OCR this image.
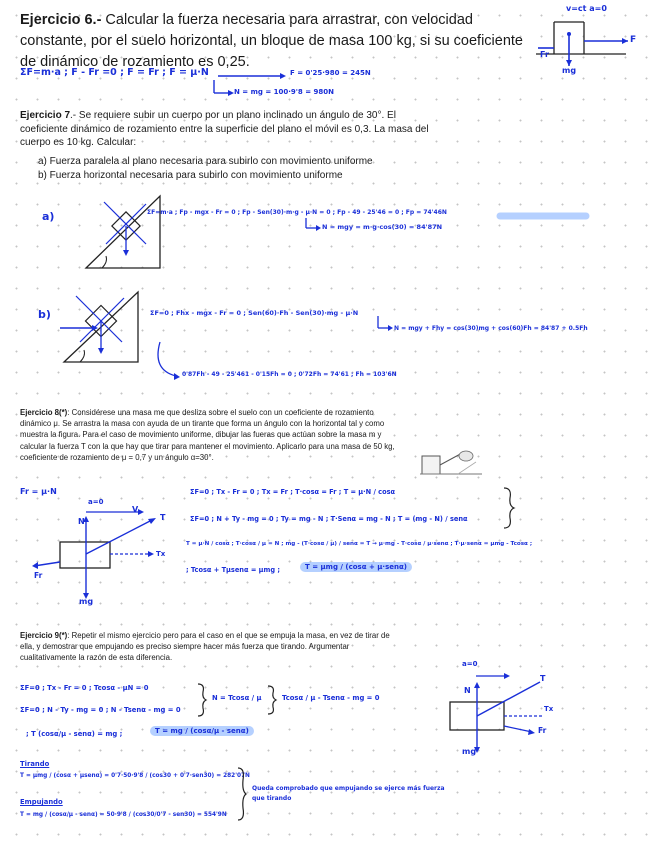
Ejercicio 6.- Calcular la fuerza necesaria para arrastrar, con velocidad constante, por el suelo horizontal, un bloque de masa 100 kg, si su coeficiente de dinámico de rozamiento es 0,25.
v=ct a=0
F
Fr
mg
ΣF=m·a ; F - Fr =0 ; F = Fr ; F = μ·N	F = 0'25·980 = 245N
N = mg = 100·9'8 = 980N
Ejercicio 7.- Se requiere subir un cuerpo por un plano inclinado un ángulo de 30°. El coeficiente dinámico de rozamiento entre la superficie del plano el móvil es 0,3. La masa del cuerpo es 10 kg. Calcular:
a) Fuerza paralela al plano necesaria para subirlo con movimiento uniforme
b) Fuerza horizontal necesaria para subirlo con movimiento uniforme
a)	ΣF=m·a ; Fp - mgx - Fr = 0 ; Fp - Sen(30)·m·g - μ·N = 0 ; Fp - 49 - 25'46 = 0 ; Fp = 74'46N
N = mgy = m·g·cos(30) = 84'87N
b)	ΣF=0 ; Fhx - mgx - Fr = 0 ; Sen(60)·Fh - Sen(30)·mg - μ·N
N = mgy + Fhy = cos(30)mg + cos(60)Fh = 84'87 + 0.5Fh
0'87Fh - 49 - 25'461 - 0'15Fh = 0 ; 0'72Fh = 74'61 ; Fh = 103'6N
Ejercicio 8(*): Considérese una masa me que desliza sobre el suelo con un coeficiente de rozamiento dinámico μ. Se arrastra la masa con ayuda de un tirante que forma un ángulo con la horizontal tal y como muestra la figura. Para el caso de movimiento uniforme, dibujar las fueras que actúan sobre la masa m y calcular la fuerza T con la que hay que tirar para mantener el movimiento. Aplicarlo para una masa de 50 kg, coeficiente de rozamiento de μ = 0,7 y un ángulo α=30°.
Fr = μ·N
a=0
V
N	T
Tx
Fr
mg
ΣF=0 ; Tx - Fr = 0 ; Tx = Fr ; T·cosα = Fr ; T = μ·N / cosα
ΣF=0 ; N + Ty - mg = 0 ; Ty = mg - N ; T·Senα = mg - N ; T = (mg - N) / senα
T = μ·N / cosα ; T·cosα / μ = N ; mg - (T·cosα / μ) / senα = T → μ·mg - T·cosα / μ·senα ; T·μ·senα = μmg - Tcosα ;
; Tcosα + Tμsenα = μmg ;	T = μmg / (cosα + μ·senα)
Ejercicio 9(*): Repetir el mismo ejercicio pero para el caso en el que se empuja la masa, en vez de tirar de ella, y demostrar que empujando es preciso siempre hacer más fuerza que tirando. Argumentar cualitativamente la razón de esta diferencia.
a=0
N
T
Tx
Fr
mg
ΣF=0 ; Tx - Fr = 0 ; Tcosα - μN = 0
ΣF=0 ; N - Ty - mg = 0 ; N - Tsenα - mg = 0
N = Tcosα / μ	Tcosα / μ - Tsenα - mg = 0
; T (cosα/μ - senα) = mg ;	T = mg / (cosα/μ - senα)
Tirando
T = μmg / (cosα + μsenα) = 0'7·50·9'8 / (cos30 + 0'7·sen30) = 282'07N
Empujando
T = mg / (cosα/μ - senα) = 50·9'8 / (cos30/0'7 - sen30) = 554'9N
Queda comprobado que empujando se ejerce más fuerza que tirando
